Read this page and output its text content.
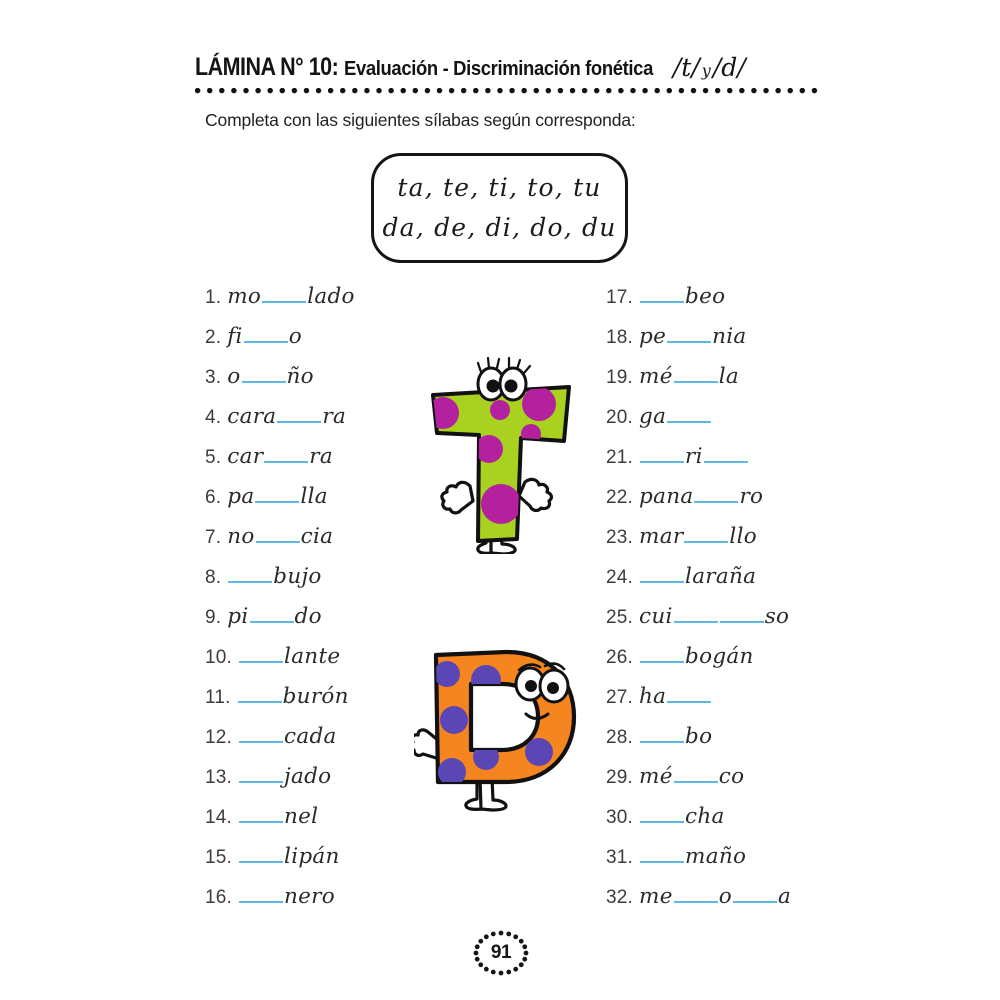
LÁMINA N° 10:Evaluación - Discriminación fonética /t/ y/d/
Completa con las siguientes sílabas según corresponda:
ta, te, ti, to, tu
da, de, di, do, du
1. mo lado
2. fi o
3. o ño
4. cara ra
5. car ra
6. pa lla
7. no cia
8. bujo
9. pi do
10. lante
11. burón
12. cada
13. jado
14. nel
15. lipán
16. nero
17. beo
18. pe nia
19. mé la
20. ga
21. ri
22. pana ro
23. mar llo
24. laraña
25. cui	so
26. bogán
27. ha
28. bo
29. mé co
30. cha
31. maño
32. me o a
91
